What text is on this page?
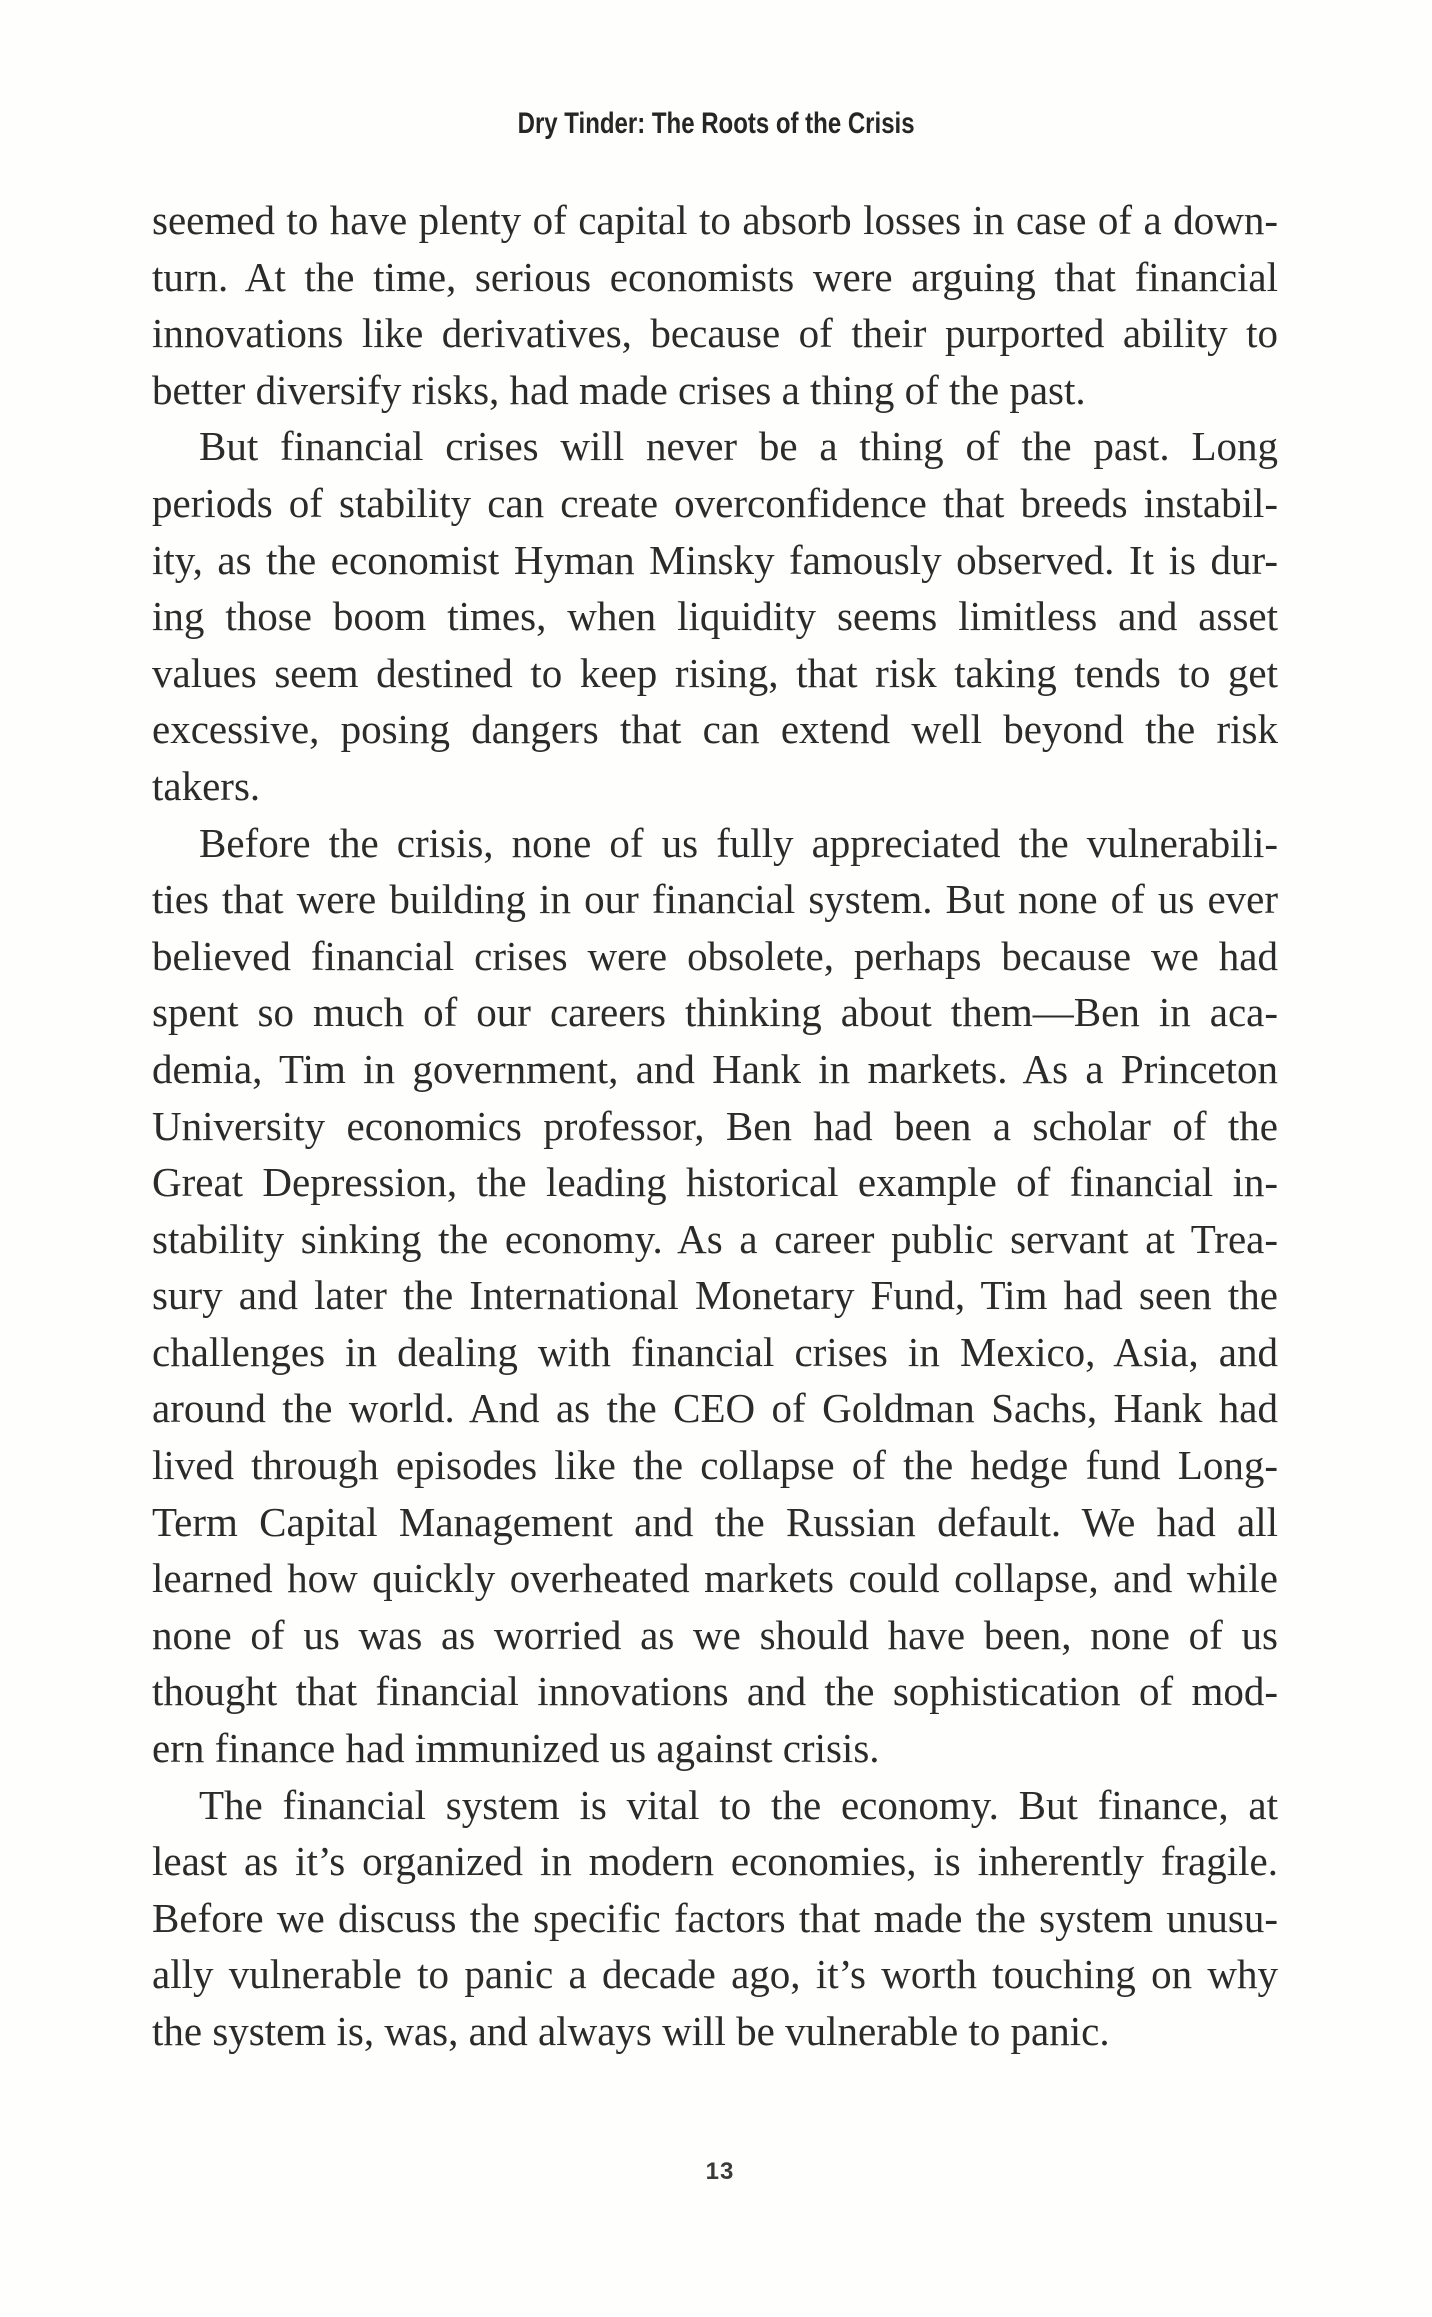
Dry Tinder: The Roots of the Crisis
seemed to have plenty of capital to absorb losses in case of a down-
turn. At the time, serious economists were arguing that financial
innovations like derivatives, because of their purported ability to
better diversify risks, had made crises a thing of the past.
But financial crises will never be a thing of the past. Long
periods of stability can create overconfidence that breeds instabil-
ity, as the economist Hyman Minsky famously observed. It is dur-
ing those boom times, when liquidity seems limitless and asset
values seem destined to keep rising, that risk taking tends to get
excessive, posing dangers that can extend well beyond the risk
takers.
Before the crisis, none of us fully appreciated the vulnerabili-
ties that were building in our financial system. But none of us ever
believed financial crises were obsolete, perhaps because we had
spent so much of our careers thinking about them—Ben in aca-
demia, Tim in government, and Hank in markets. As a Princeton
University economics professor, Ben had been a scholar of the
Great Depression, the leading historical example of financial in-
stability sinking the economy. As a career public servant at Trea-
sury and later the International Monetary Fund, Tim had seen the
challenges in dealing with financial crises in Mexico, Asia, and
around the world. And as the CEO of Goldman Sachs, Hank had
lived through episodes like the collapse of the hedge fund Long-
Term Capital Management and the Russian default. We had all
learned how quickly overheated markets could collapse, and while
none of us was as worried as we should have been, none of us
thought that financial innovations and the sophistication of mod-
ern finance had immunized us against crisis.
The financial system is vital to the economy. But finance, at
least as it’s organized in modern economies, is inherently fragile.
Before we discuss the specific factors that made the system unusu-
ally vulnerable to panic a decade ago, it’s worth touching on why
the system is, was, and always will be vulnerable to panic.
13
